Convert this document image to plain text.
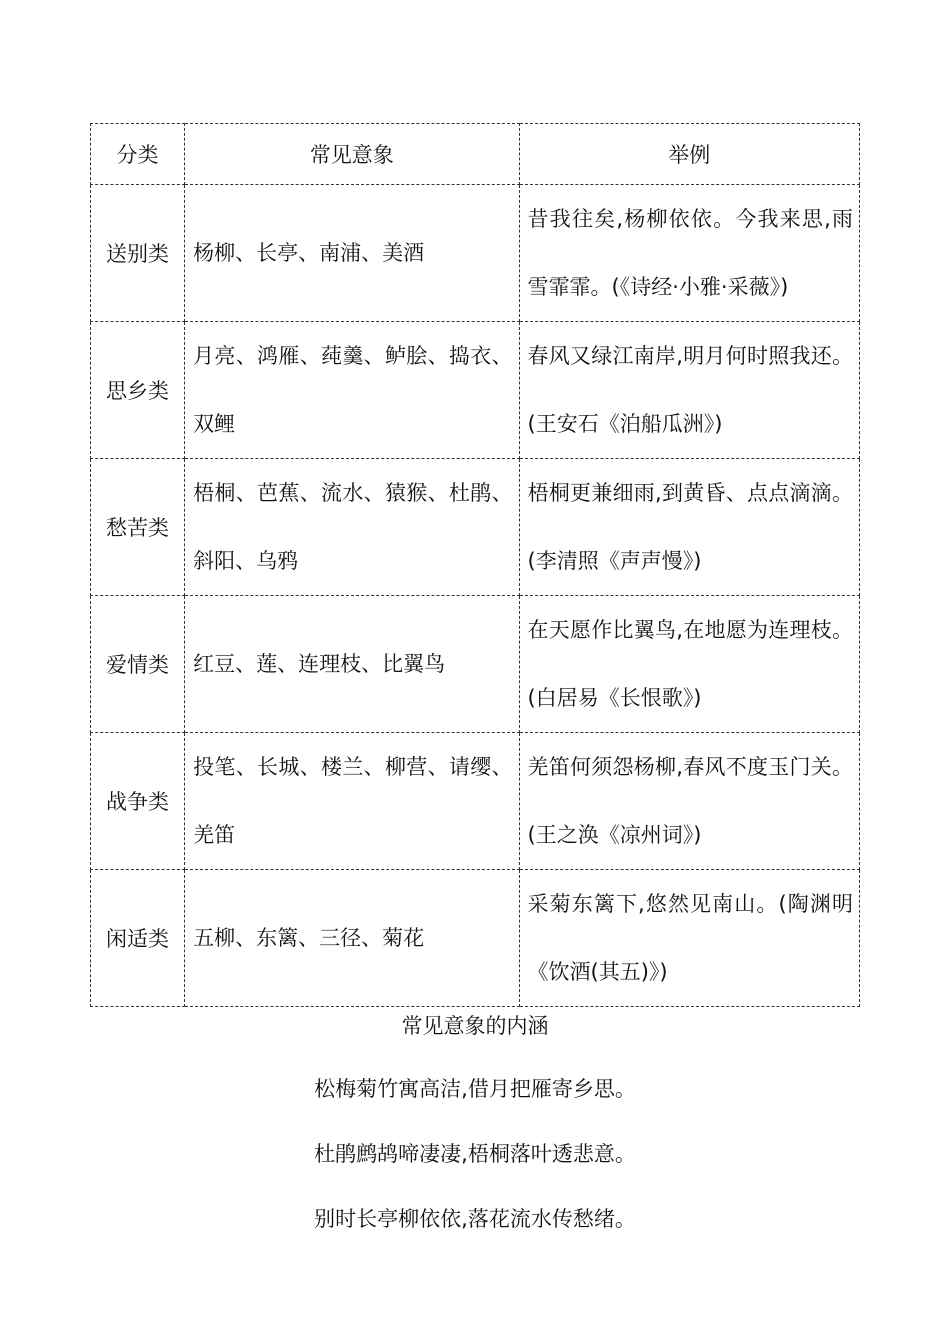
分类	常见意象	举例
送别类	杨柳、长亭、南浦、美酒	昔我往矣,杨柳依依。今我来思,雨雪霏霏。(《诗经·小雅·采薇》)

思乡类	月亮、鸿雁、莼羹、鲈脍、捣衣、双鲤	春风又绿江南岸,明月何时照我还。(王安石《泊船瓜洲》)

愁苦类	梧桐、芭蕉、流水、猿猴、杜鹃、斜阳、乌鸦	梧桐更兼细雨,到黄昏、点点滴滴。(李清照《声声慢》)

爱情类	红豆、莲、连理枝、比翼鸟	在天愿作比翼鸟,在地愿为连理枝。(白居易《长恨歌》)

战争类	投笔、长城、楼兰、柳营、请缨、羌笛	羌笛何须怨杨柳,春风不度玉门关。(王之涣《凉州词》)

闲适类	五柳、东篱、三径、菊花	采菊东篱下,悠然见南山。(陶渊明《饮酒(其五)》)
常见意象的内涵
松梅菊竹寓高洁,借月把雁寄乡思。
杜鹃鹧鸪啼凄凄,梧桐落叶透悲意。
别时长亭柳依依,落花流水传愁绪。
